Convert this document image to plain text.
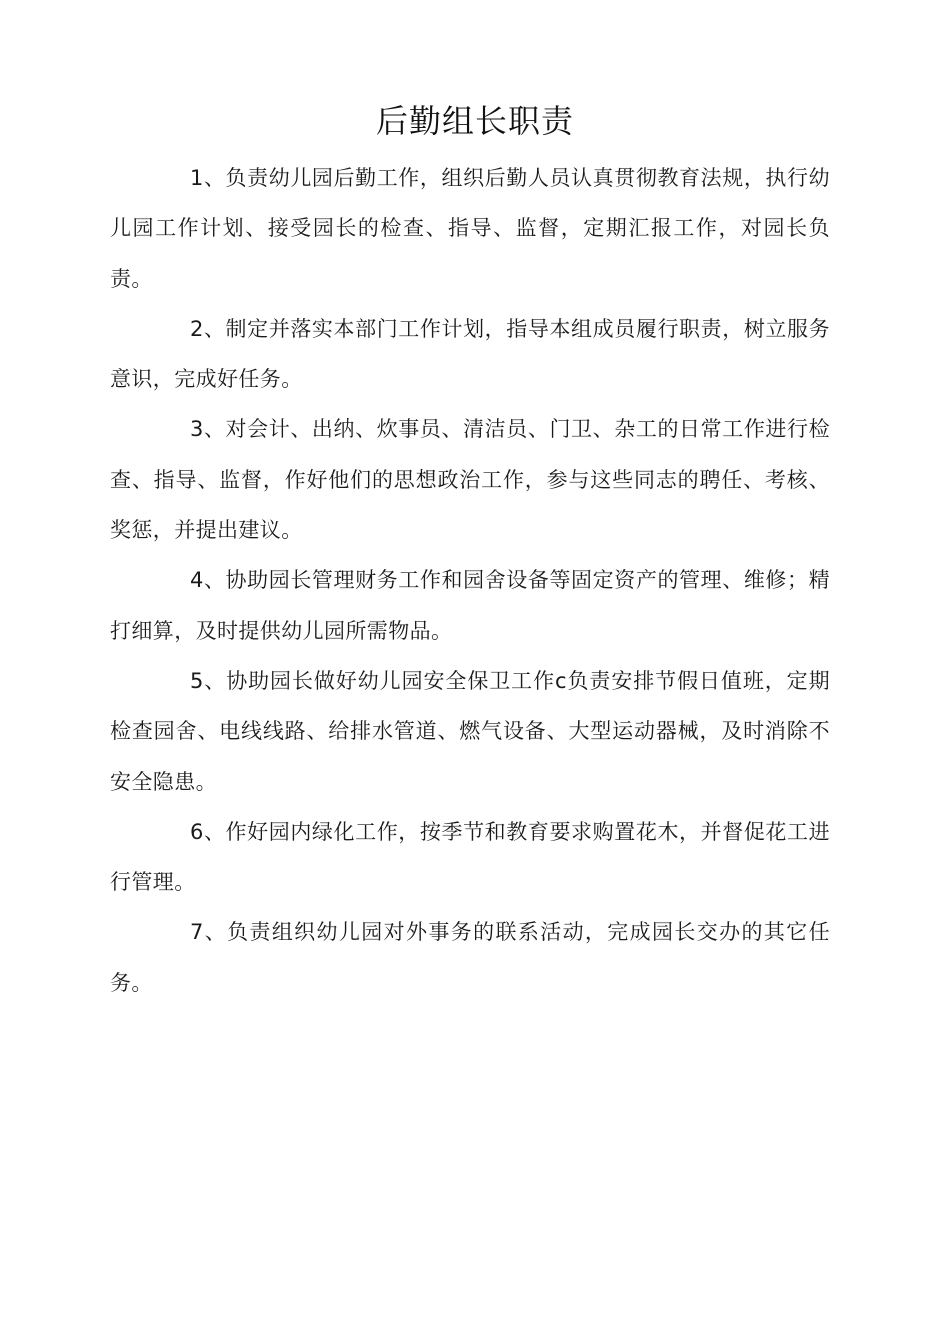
后勤组长职责

1、负责幼儿园后勤工作，组织后勤人员认真贯彻教育法规，执行幼儿园工作计划、接受园长的检查、指导、监督，定期汇报工作，对园长负责。

2、制定并落实本部门工作计划，指导本组成员履行职责，树立服务意识，完成好任务。

3、对会计、出纳、炊事员、清洁员、门卫、杂工的日常工作进行检查、指导、监督，作好他们的思想政治工作，参与这些同志的聘任、考核、奖惩，并提出建议。

4、协助园长管理财务工作和园舍设备等固定资产的管理、维修；精打细算，及时提供幼儿园所需物品。

5、协助园长做好幼儿园安全保卫工作c负责安排节假日值班，定期检查园舍、电线线路、给排水管道、燃气设备、大型运动器械，及时消除不安全隐患。

6、作好园内绿化工作，按季节和教育要求购置花木，并督促花工进行管理。

7、负责组织幼儿园对外事务的联系活动，完成园长交办的其它任务。
